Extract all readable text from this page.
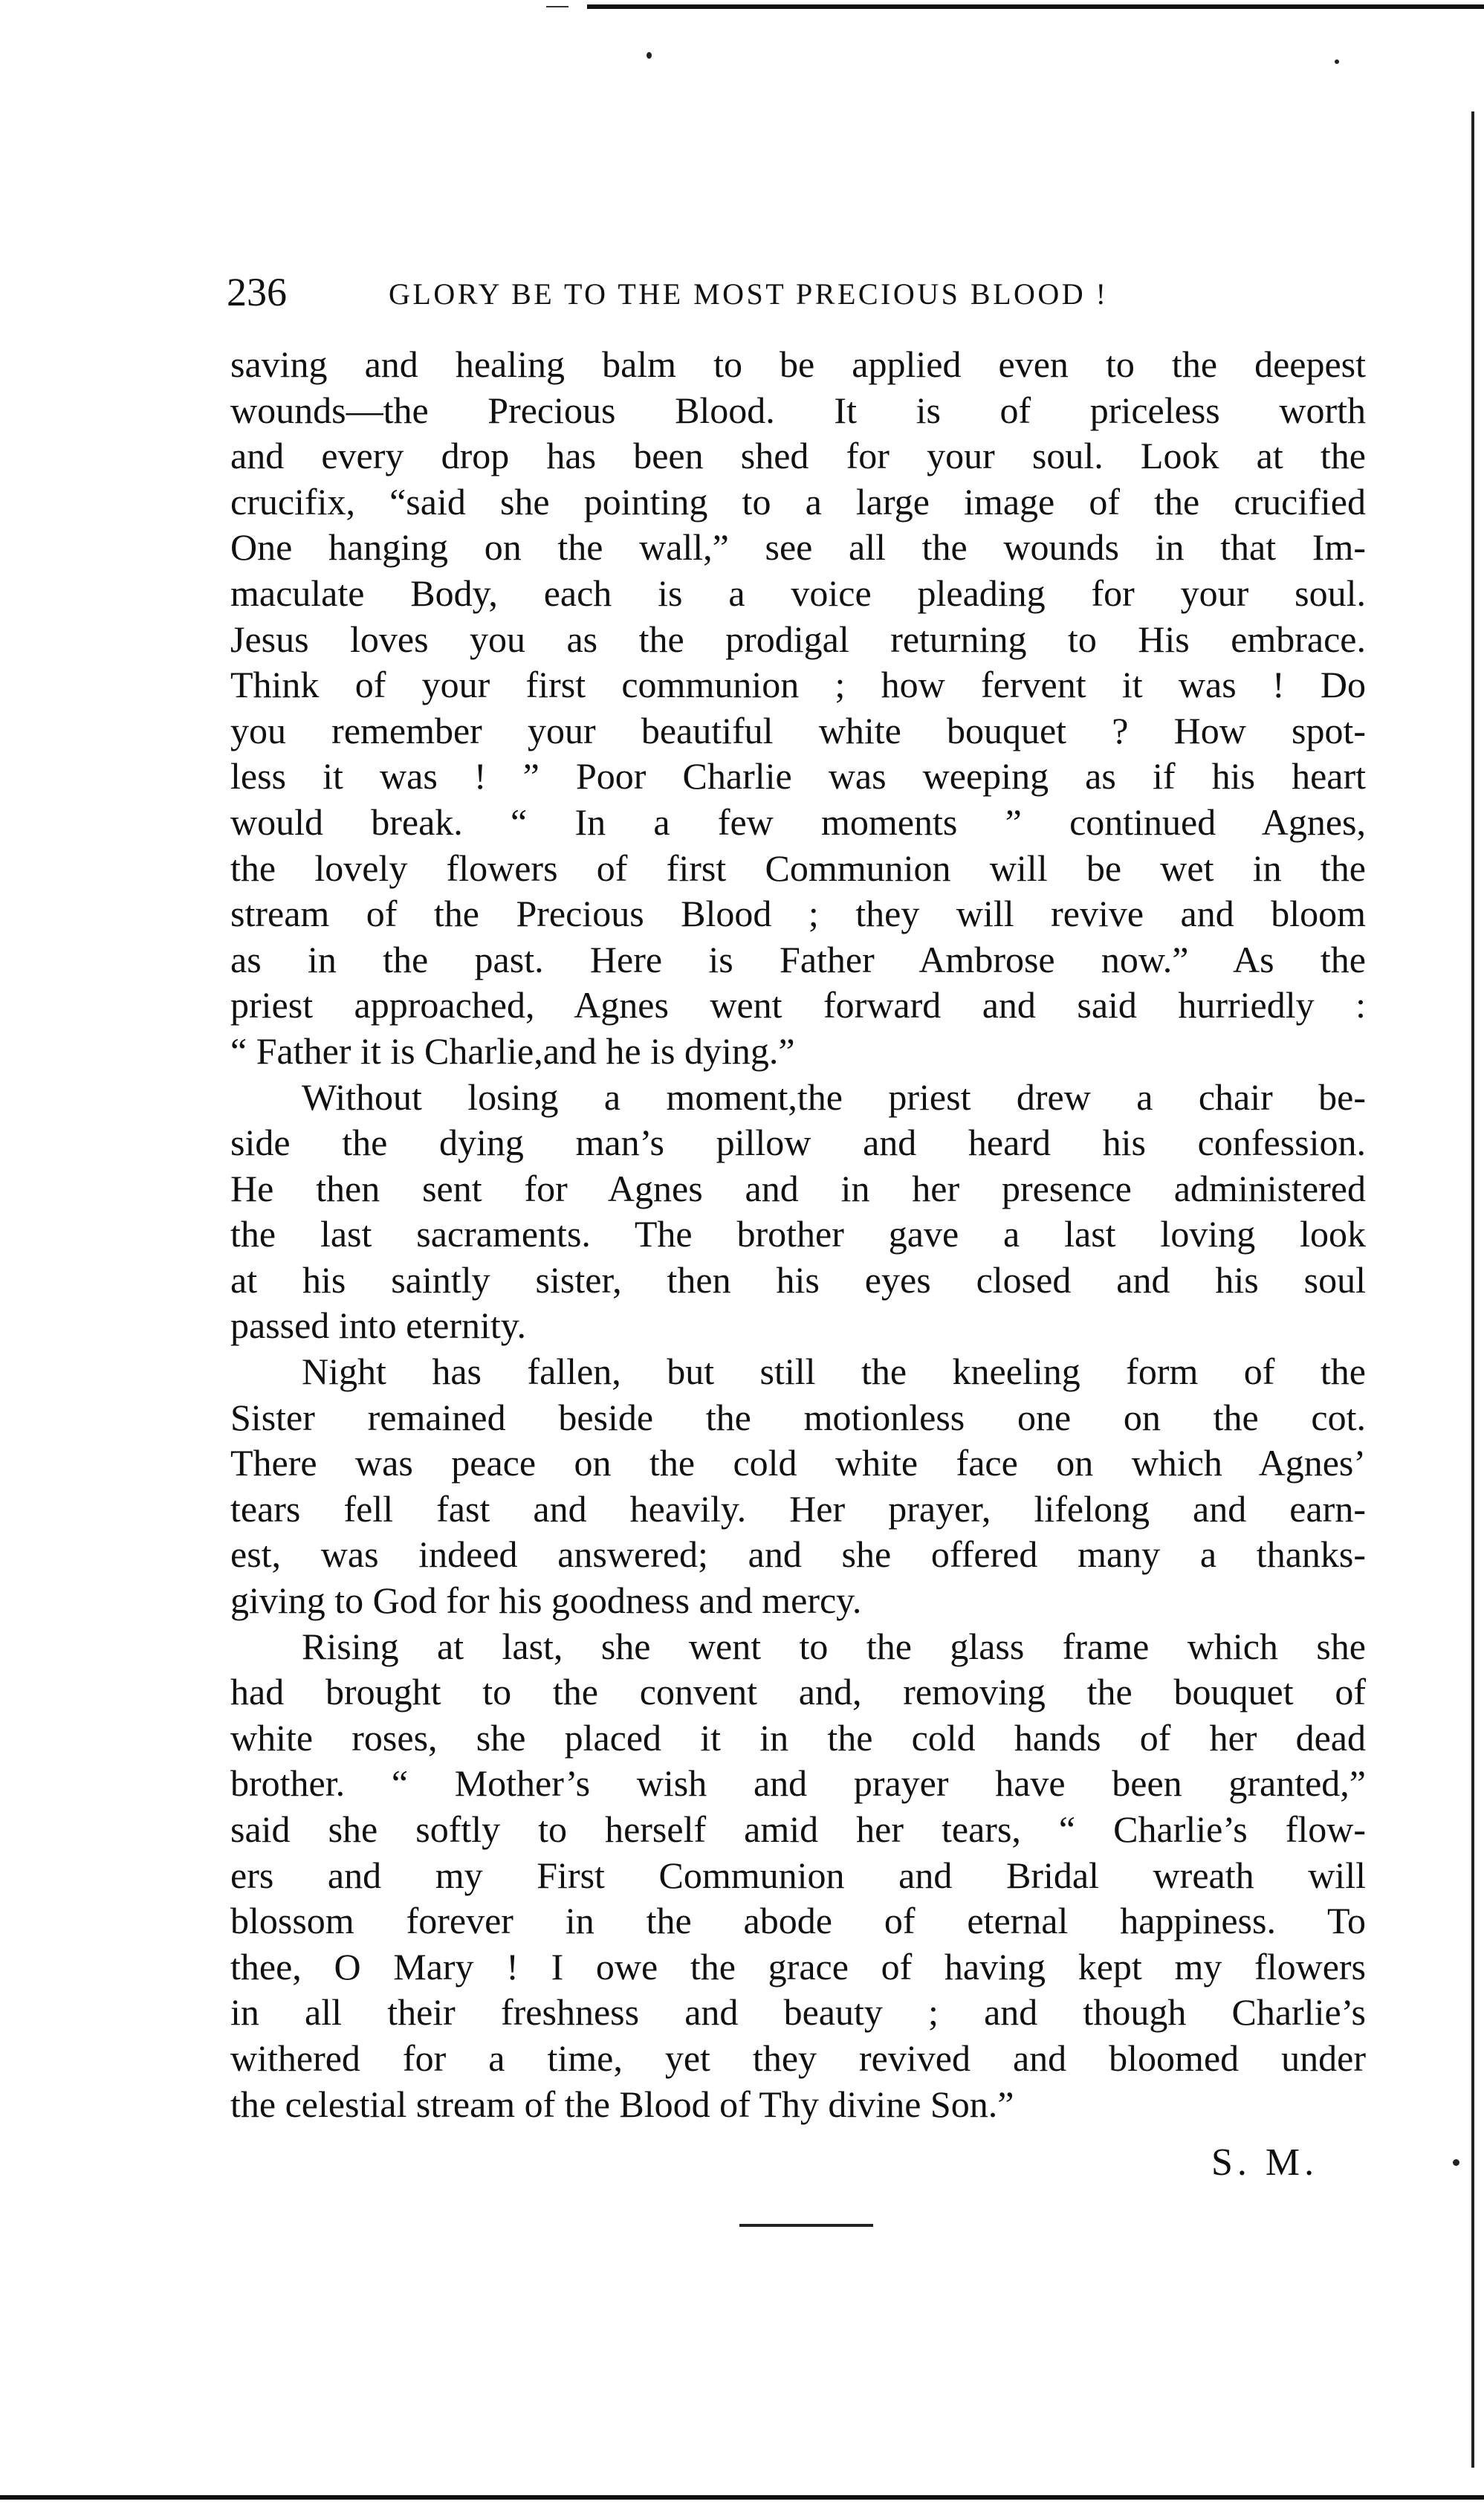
236	GLORY BE TO THE MOST PRECIOUS BLOOD !
saving and healing balm to be applied even to the deepest
wounds—the Precious Blood. It is of priceless worth
and every drop has been shed for your soul. Look at the
crucifix, “said she pointing to a large image of the crucified
One hanging on the wall,” see all the wounds in that Im-
maculate Body, each is a voice pleading for your soul.
Jesus loves you as the prodigal returning to His embrace.
Think of your first communion ; how fervent it was ! Do
you remember your beautiful white bouquet ? How spot-
less it was ! ” Poor Charlie was weeping as if his heart
would break. “ In a few moments ” continued Agnes,
the lovely flowers of first Communion will be wet in the
stream of the Precious Blood ; they will revive and bloom
as in the past. Here is Father Ambrose now.” As the
priest approached, Agnes went forward and said hurriedly :
“ Father it is Charlie,and he is dying.”
Without losing a moment,the priest drew a chair be-
side the dying man’s pillow and heard his confession.
He then sent for Agnes and in her presence administered
the last sacraments. The brother gave a last loving look
at his saintly sister, then his eyes closed and his soul
passed into eternity.
Night has fallen, but still the kneeling form of the
Sister remained beside the motionless one on the cot.
There was peace on the cold white face on which Agnes’
tears fell fast and heavily. Her prayer, lifelong and earn-
est, was indeed answered; and she offered many a thanks-
giving to God for his goodness and mercy.
Rising at last, she went to the glass frame which she
had brought to the convent and, removing the bouquet of
white roses, she placed it in the cold hands of her dead
brother. “ Mother’s wish and prayer have been granted,”
said she softly to herself amid her tears, “ Charlie’s flow-
ers and my First Communion and Bridal wreath will
blossom forever in the abode of eternal happiness. To
thee, O Mary ! I owe the grace of having kept my flowers
in all their freshness and beauty ; and though Charlie’s
withered for a time, yet they revived and bloomed under
the celestial stream of the Blood of Thy divine Son.”
S. M.
